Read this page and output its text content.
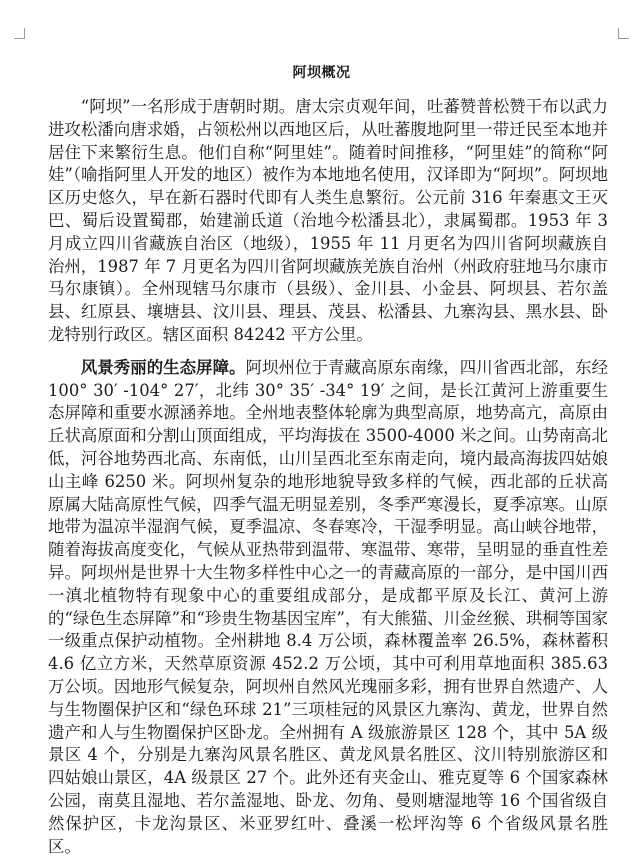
阿坝概况

“阿坝”一名形成于唐朝时期。唐太宗贞观年间，吐蕃赞普松赞干布以武力进攻松潘向唐求婚，占领松州以西地区后，从吐蕃腹地阿里一带迁民至本地并居住下来繁衍生息。他们自称“阿里娃”。随着时间推移，“阿里娃”的简称“阿娃”（喻指阿里人开发的地区）被作为本地地名使用，汉译即为“阿坝”。阿坝地区历史悠久，早在新石器时代即有人类生息繁衍。公元前 316 年秦惠文王灭巴、蜀后设置蜀郡，始建湔氐道（治地今松潘县北），隶属蜀郡。1953 年 3 月成立四川省藏族自治区（地级），1955 年 11 月更名为四川省阿坝藏族自治州，1987 年 7 月更名为四川省阿坝藏族羌族自治州（州政府驻地马尔康市马尔康镇）。全州现辖马尔康市（县级）、金川县、小金县、阿坝县、若尔盖县、红原县、壤塘县、汶川县、理县、茂县、松潘县、九寨沟县、黑水县、卧龙特别行政区。辖区面积 84242 平方公里。

风景秀丽的生态屏障。阿坝州位于青藏高原东南缘，四川省西北部，东经 100° 30′ -104° 27′，北纬 30° 35′ -34° 19′ 之间，是长江黄河上游重要生态屏障和重要水源涵养地。全州地表整体轮廓为典型高原，地势高亢，高原由丘状高原面和分割山顶面组成，平均海拔在 3500-4000 米之间。山势南高北低，河谷地势西北高、东南低，山川呈西北至东南走向，境内最高海拔四姑娘山主峰 6250 米。阿坝州复杂的地形地貌导致多样的气候，西北部的丘状高原属大陆高原性气候，四季气温无明显差别，冬季严寒漫长，夏季凉寒。山原地带为温凉半湿润气候，夏季温凉、冬春寒冷，干湿季明显。高山峡谷地带，随着海拔高度变化，气候从亚热带到温带、寒温带、寒带，呈明显的垂直性差异。阿坝州是世界十大生物多样性中心之一的青藏高原的一部分，是中国川西一滇北植物特有现象中心的重要组成部分，是成都平原及长江、黄河上游的“绿色生态屏障”和“珍贵生物基因宝库”，有大熊猫、川金丝猴、珙桐等国家一级重点保护动植物。全州耕地 8.4 万公顷，森林覆盖率 26.5%，森林蓄积 4.6 亿立方米，天然草原资源 452.2 万公顷，其中可利用草地面积 385.63 万公顷。因地形气候复杂，阿坝州自然风光瑰丽多彩，拥有世界自然遗产、人与生物圈保护区和“绿色环球 21”三项桂冠的风景区九寨沟、黄龙，世界自然遗产和人与生物圈保护区卧龙。全州拥有 A 级旅游景区 128 个，其中 5A 级景区 4 个，分别是九寨沟风景名胜区、黄龙风景名胜区、汶川特别旅游区和四姑娘山景区，4A 级景区 27 个。此外还有夹金山、雅克夏等 6 个国家森林公园，南莫且湿地、若尔盖湿地、卧龙、勿角、曼则塘湿地等 16 个国省级自然保护区，卡龙沟景区、米亚罗红叶、叠溪一松坪沟等 6 个省级风景名胜区。
